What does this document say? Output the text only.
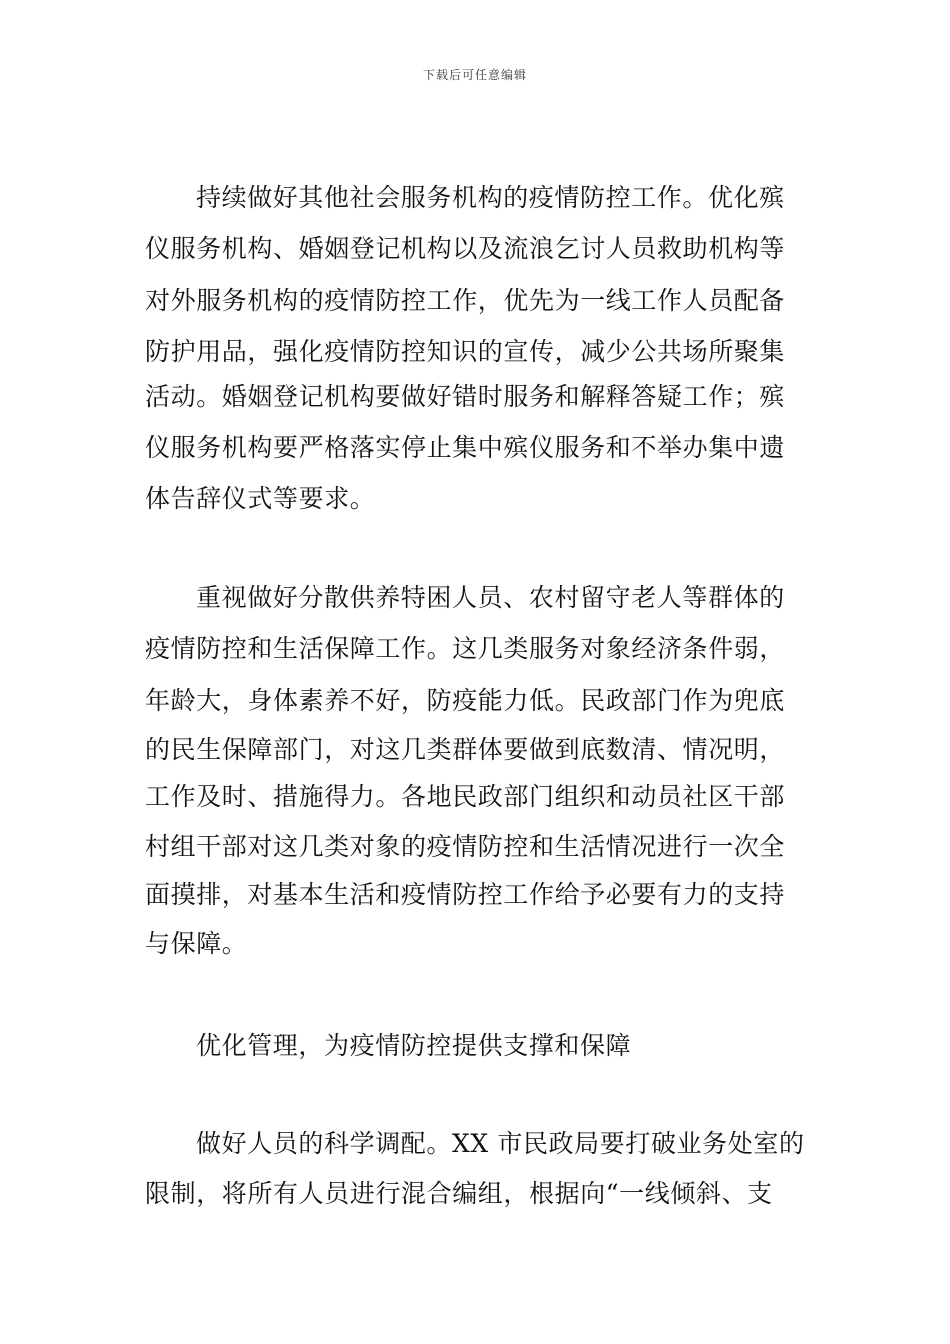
下载后可任意编辑
持续做好其他社会服务机构的疫情防控工作。优化殡
仪服务机构、婚姻登记机构以及流浪乞讨人员救助机构等
对外服务机构的疫情防控工作，优先为一线工作人员配备
防护用品，强化疫情防控知识的宣传，减少公共场所聚集
活动。婚姻登记机构要做好错时服务和解释答疑工作；殡
仪服务机构要严格落实停止集中殡仪服务和不举办集中遗
体告辞仪式等要求。
重视做好分散供养特困人员、农村留守老人等群体的
疫情防控和生活保障工作。这几类服务对象经济条件弱，
年龄大，身体素养不好，防疫能力低。民政部门作为兜底
的民生保障部门，对这几类群体要做到底数清、情况明，
工作及时、措施得力。各地民政部门组织和动员社区干部
村组干部对这几类对象的疫情防控和生活情况进行一次全
面摸排，对基本生活和疫情防控工作给予必要有力的支持
与保障。
优化管理，为疫情防控提供支撑和保障
做好人员的科学调配。XX 市民政局要打破业务处室的
限制，将所有人员进行混合编组，根据向“一线倾斜、支
